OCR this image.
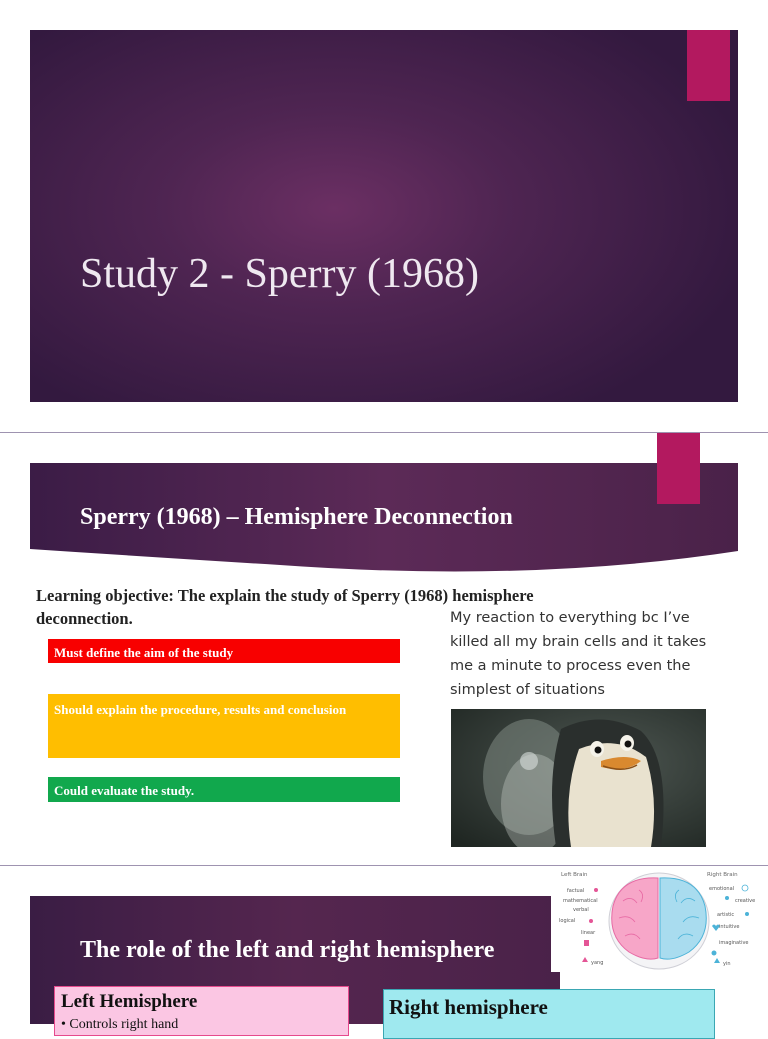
Study 2 - Sperry (1968)
Sperry (1968) – Hemisphere Deconnection
Learning objective: The explain the study of Sperry (1968) hemisphere deconnection.
Must define the aim of the study
Should explain the procedure, results and conclusion
Could evaluate the study.
My reaction to everything bc I’ve killed all my brain cells and it takes me a minute to process even the simplest of situations
The role of the left and right hemisphere
Left Brain	Right Brain
factual
mathematical
verbal
logical
linear
yang
emotional
creative
artistic
intuitive
imaginative
yin
Left Hemisphere
• Controls right hand
Right hemisphere
